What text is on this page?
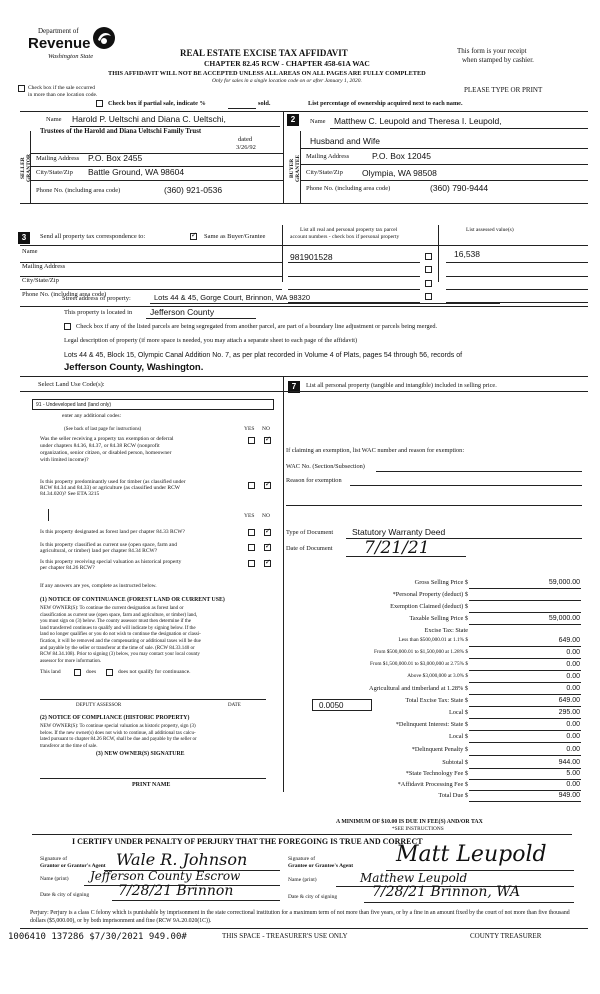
Department of
Revenue
Washington State	REAL ESTATE EXCISE TAX AFFIDAVIT
CHAPTER 82.45 RCW - CHAPTER 458-61A WAC
This form is your receipt
when stamped by cashier.
THIS AFFIDAVIT WILL NOT BE ACCEPTED UNLESS ALL AREAS ON ALL PAGES ARE FULLY COMPLETED
Only for sales in a single location code on or after January 1, 2020.
PLEASE TYPE OR PRINT
Check box if the sale occurred
in more than one location code.
Check box if partial sale, indicate %	sold.	List percentage of ownership acquired next to each name.
SELLER GRANTOR
Name Harold P. Ueltschi and Diana C. Ueltschi,
Trustees of the Harold and Diana Ueltschi Family Trust
dated
3/26/92
Mailing Address P.O. Box 2455
City/State/Zip Battle Ground, WA 98604
Phone No. (including area code)	(360) 921-0536
2
BUYER GRANTEE
Name Matthew C. Leupold and Theresa I. Leupold,
Husband and Wife
Mailing Address	P.O. Box 12045
City/State/Zip Olympia, WA 98508
Phone No. (including area code)	(360) 790-9444
3	Send all property tax correspondence to: ✓	Same as Buyer/Grantee
List all real and personal property tax parcel
account numbers - check box if personal property
List assessed value(s)
Name
981901528	16,538
Mailing Address
City/State/Zip
Phone No. (including area code)
Street address of property:	Lots 44 & 45, Gorge Court, Brinnon, WA 98320
This property is located in Jefferson County
Check box if any of the listed parcels are being segregated from another parcel, are part of a boundary line adjustment or parcels being merged.
Legal description of property (if more space is needed, you may attach a separate sheet to each page of the affidavit)
Lots 44 & 45, Block 15, Olympic Canal Addition No. 7, as per plat recorded in Volume 4 of Plats, pages 54 through 56, records of
Jefferson County, Washington.
Select Land Use Code(s):
91 - Undeveloped land (land only)
enter any additional codes:
(See back of last page for instructions)	YES NO
Was the seller receiving a property tax exemption or deferral
under chapters 84.36, 84.37, or 84.38 RCW (nonprofit
organization, senior citizen, or disabled person, homeowner
with limited income)?
✓
Is this property predominantly used for timber (as classified under
RCW 84.34 and 84.33) or agriculture (as classified under RCW
84.34.020)? See ETA 3215
✓
YES NO
Is this property designated as forest land per chapter 84.33 RCW?
✓
Is this property classified as current use (open space, farm and
agricultural, or timber) land per chapter 84.34 RCW?
✓
Is this property receiving special valuation as historical property
per chapter 84.26 RCW?
✓
If any answers are yes, complete as instructed below.
(1) NOTICE OF CONTINUANCE (FOREST LAND OR CURRENT USE)
NEW OWNER(S): To continue the current designation as forest land or
classification as current use (open space, farm and agriculture, or timber) land,
you must sign on (3) below. The county assessor must then determine if the
land transferred continues to qualify and will indicate by signing below. If the
land no longer qualifies or you do not wish to continue the designation or classi-
fication, it will be removed and the compensating or additional taxes will be due
and payable by the seller or transferor at the time of sale. (RCW 84.33.140 or
RCW 84.34.108). Prior to signing (3) below, you may contact your local county
assessor for more information.
This land	does	does not qualify for continuance.
DEPUTY ASSESSOR	DATE
(2) NOTICE OF COMPLIANCE (HISTORIC PROPERTY)
NEW OWNER(S): To continue special valuation as historic property, sign (3)
below. If the new owner(s) does not wish to continue, all additional tax calcu-
lated pursuant to chapter 84.26 RCW, shall be due and payable by the seller or
transferor at the time of sale.
(3) NEW OWNER(S) SIGNATURE
PRINT NAME
7	List all personal property (tangible and intangible) included in selling price.
If claiming an exemption, list WAC number and reason for exemption:
WAC No. (Section/Subsection)
Reason for exemption
Type of Document Statutory Warranty Deed
Date of Document 7/21/21
Gross Selling Price $	59,000.00
*Personal Property (deduct) $
Exemption Claimed (deduct) $
Taxable Selling Price $	59,000.00
Excise Tax: State
Less than $500,000.01 at 1.1% $	649.00
From $500,000.01 to $1,500,000 at 1.28% $	0.00
From $1,500,000.01 to $3,000,000 at 2.75% $	0.00
Above $3,000,000 at 3.0% $	0.00
Agricultural and timberland at 1.28% $	0.00
Total Excise Tax: State $	649.00
Local $	295.00
*Delinquent Interest: State $	0.00
Local $	0.00
*Delinquent Penalty $	0.00
Subtotal $	944.00
*State Technology Fee $	5.00
*Affidavit Processing Fee $	0.00
Total Due $	949.00
0.0050
A MINIMUM OF $10.00 IS DUE IN FEE(S) AND/OR TAX
*SEE INSTRUCTIONS
I CERTIFY UNDER PENALTY OF PERJURY THAT THE FOREGOING IS TRUE AND CORRECT
Signature of
Grantor or Grantor's Agent Wale R. Johnson
Name (print) Jefferson County Escrow
Date & city of signing 7/28/21 Brinnon
Signature of
Grantee or Grantee's Agent Matt Leupold
Name (print)	Matthew Leupold
Date & city of signing 7/28/21 Brinnon, WA
Perjury: Perjury is a class C felony which is punishable by imprisonment in the state correctional institution for a maximum term of not more than five years, or by a fine in an amount fixed by the court of not more than five thousand dollars ($5,000.00), or by both imprisonment and fine (RCW 9A.20.020(1C)).
1006410 137286 $7/30/2021 949.00#	THIS SPACE - TREASURER'S USE ONLY	COUNTY TREASURER
